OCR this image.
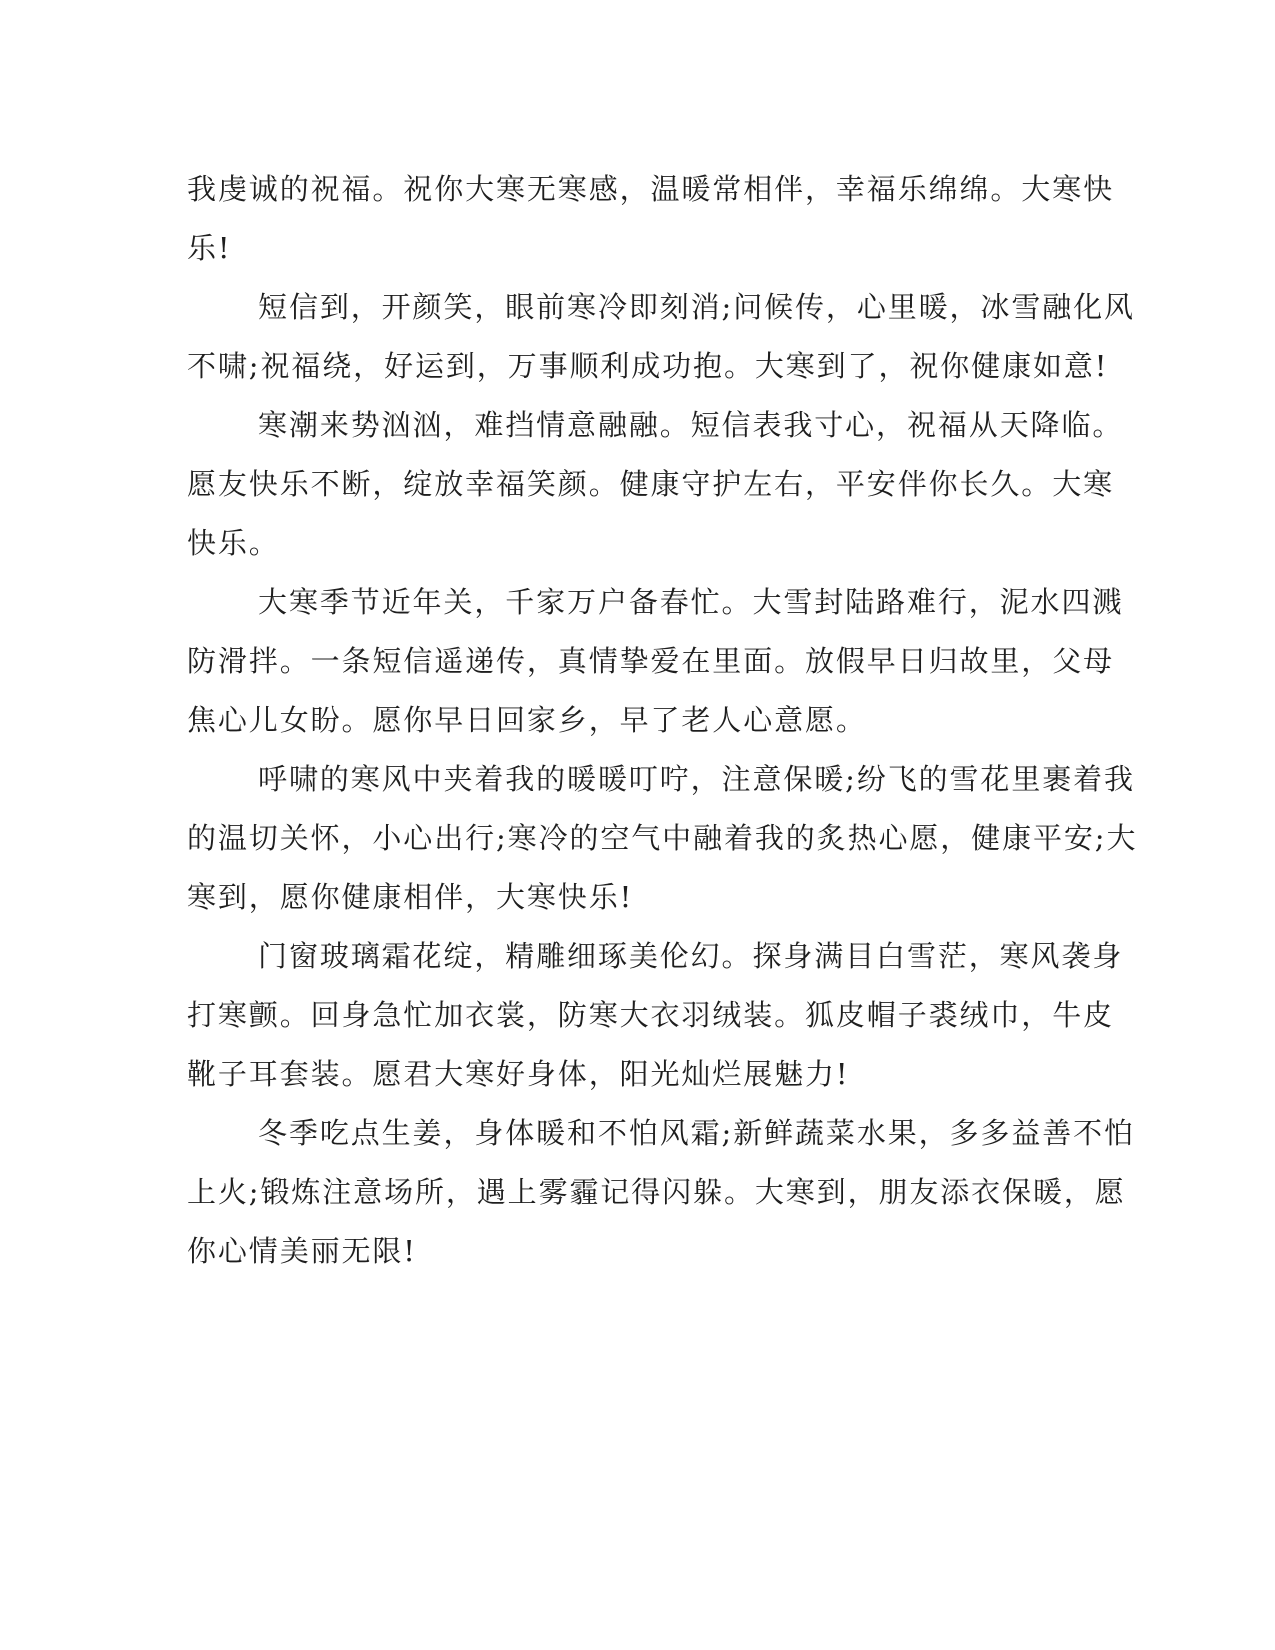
我虔诚的祝福。祝你大寒无寒感，温暖常相伴，幸福乐绵绵。大寒快
乐!

短信到，开颜笑，眼前寒冷即刻消;问候传，心里暖，冰雪融化风
不啸;祝福绕，好运到，万事顺利成功抱。大寒到了，祝你健康如意!

寒潮来势汹汹，难挡情意融融。短信表我寸心，祝福从天降临。
愿友快乐不断，绽放幸福笑颜。健康守护左右，平安伴你长久。大寒
快乐。

大寒季节近年关，千家万户备春忙。大雪封陆路难行，泥水四溅
防滑拌。一条短信遥递传，真情挚爱在里面。放假早日归故里，父母
焦心儿女盼。愿你早日回家乡，早了老人心意愿。

呼啸的寒风中夹着我的暖暖叮咛，注意保暖;纷飞的雪花里裹着我
的温切关怀，小心出行;寒冷的空气中融着我的炙热心愿，健康平安;大
寒到，愿你健康相伴，大寒快乐!

门窗玻璃霜花绽，精雕细琢美伦幻。探身满目白雪茫，寒风袭身
打寒颤。回身急忙加衣裳，防寒大衣羽绒装。狐皮帽子裘绒巾，牛皮
靴子耳套装。愿君大寒好身体，阳光灿烂展魅力!

冬季吃点生姜，身体暖和不怕风霜;新鲜蔬菜水果，多多益善不怕
上火;锻炼注意场所，遇上雾霾记得闪躲。大寒到，朋友添衣保暖，愿
你心情美丽无限!
